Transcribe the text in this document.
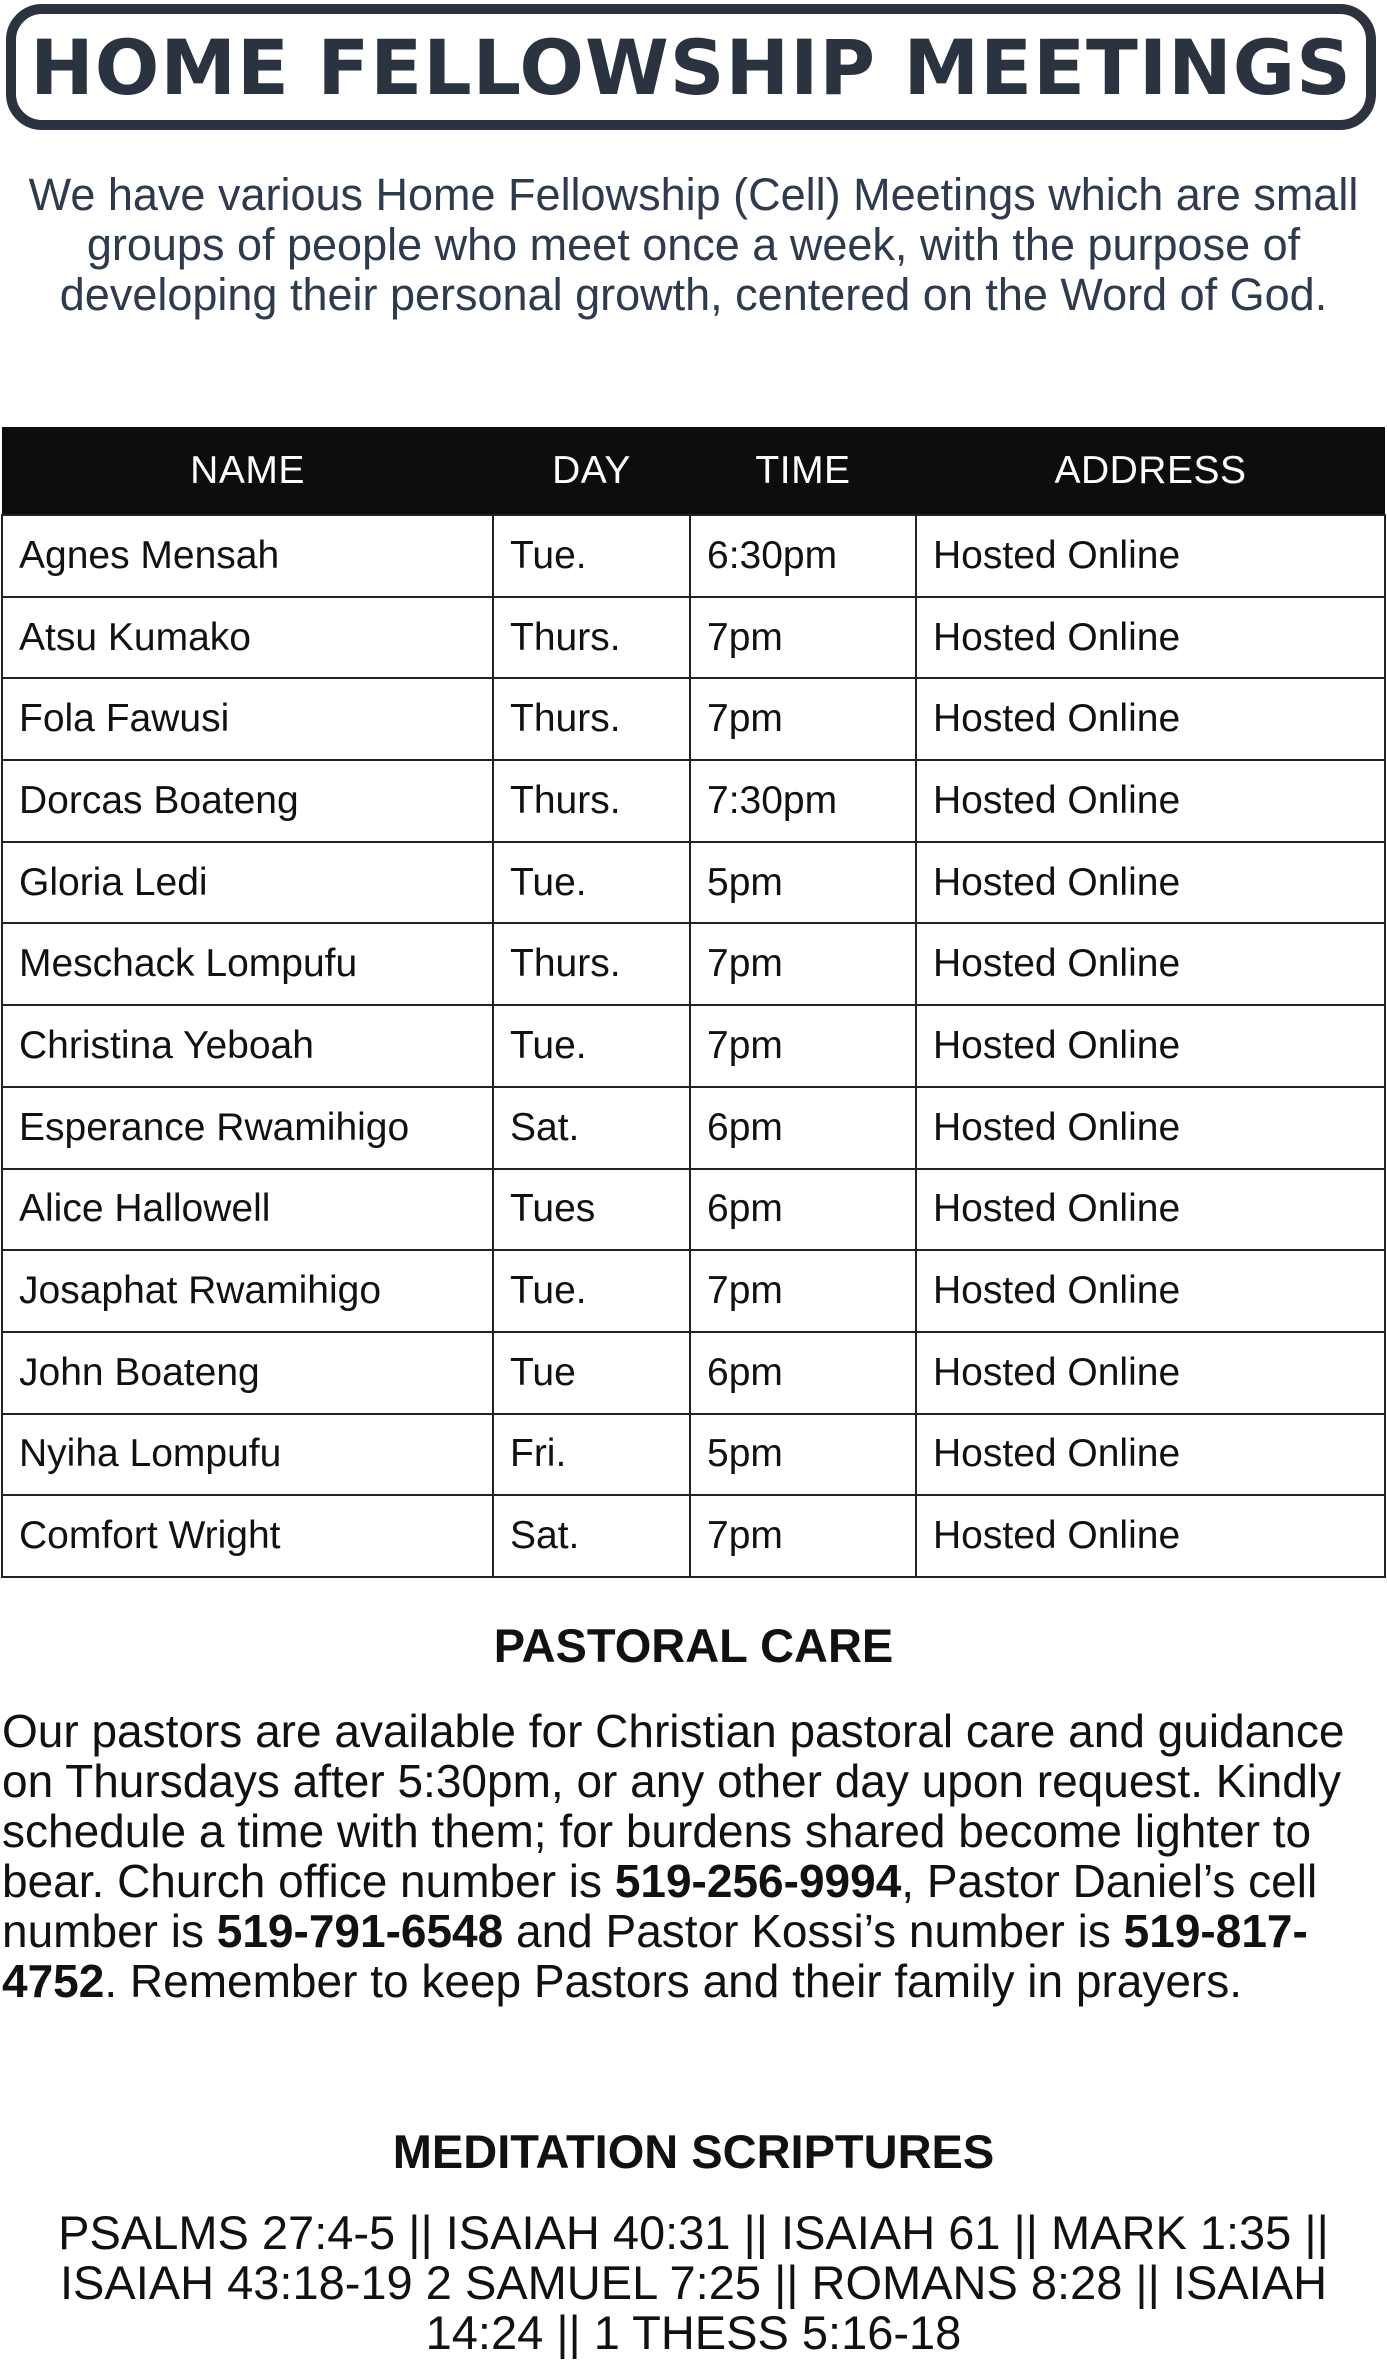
HOME FELLOWSHIP MEETINGS

We have various Home Fellowship (Cell) Meetings which are small groups of people who meet once a week, with the purpose of developing their personal growth, centered on the Word of God.

NAME	DAY	TIME	ADDRESS
Agnes Mensah	Tue.	6:30pm	Hosted Online
Atsu Kumako	Thurs.	7pm	Hosted Online
Fola Fawusi	Thurs.	7pm	Hosted Online
Dorcas Boateng	Thurs.	7:30pm	Hosted Online
Gloria Ledi	Tue.	5pm	Hosted Online
Meschack Lompufu	Thurs.	7pm	Hosted Online
Christina Yeboah	Tue.	7pm	Hosted Online
Esperance Rwamihigo	Sat.	6pm	Hosted Online
Alice Hallowell	Tues	6pm	Hosted Online
Josaphat Rwamihigo	Tue.	7pm	Hosted Online
John Boateng	Tue	6pm	Hosted Online
Nyiha Lompufu	Fri.	5pm	Hosted Online
Comfort Wright	Sat.	7pm	Hosted Online
PASTORAL CARE

Our pastors are available for Christian pastoral care and guidance on Thursdays after 5:30pm, or any other day upon request. Kindly schedule a time with them; for burdens shared become lighter to bear. Church office number is 519-256-9994, Pastor Daniel’s cell number is 519-791-6548 and Pastor Kossi’s number is 519-817-4752. Remember to keep Pastors and their family in prayers.

MEDITATION SCRIPTURES

PSALMS 27:4-5 || ISAIAH 40:31 || ISAIAH 61 || MARK 1:35 || ISAIAH 43:18-19 2 SAMUEL 7:25 || ROMANS 8:28 || ISAIAH 14:24 || 1 THESS 5:16-18
